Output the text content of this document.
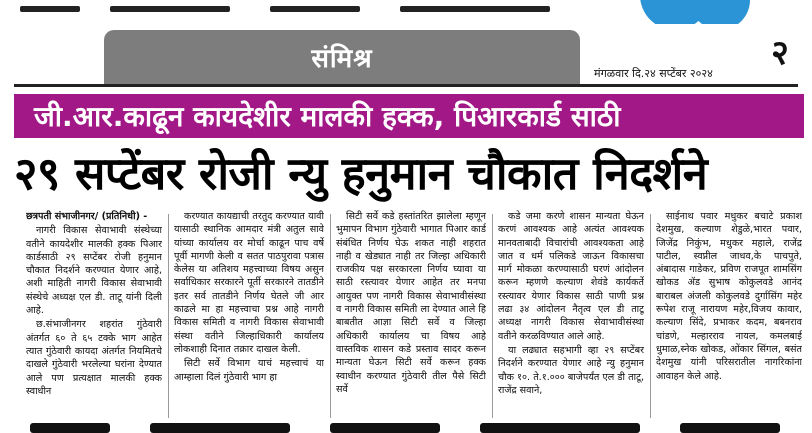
संमिश्र	मंगळवार दि.२४ सप्टेंबर २०२४
२
जी.आर.काढून कायदेशीर मालकी हक्क, पिआरकार्ड साठी
२९ सप्टेंबर रोजी न्यु हनुमान चौकात निदर्शने

छत्रपती संभाजीनगर/ (प्रतिनिधी) -

नागरी विकास सेवाभावी संस्थेच्या वतीने कायदेशीर मालकी हक्क पिआर कार्डसाठी २९ सप्टेंबर रोजी हनुमान चौकात निदर्शने करण्यात येणार आहे, अशी माहिती नागरी विकास सेवाभावी संस्थेचे अध्यक्ष एल डी. ताटू यांनी दिली आहे.

छ.संभाजीनगर शहरांत गुंठेवारी अंतर्गत ६० ते ६५ टक्के भाग आहेत त्यात गुंठेवारी कायदा अंतर्गत नियमितचे दाखले गुंठेवारी भरलेल्या घरांना देण्यात आले पण प्रत्यक्षात मालकी हक्क स्वाधीन

करण्यात कायद्याची तरतुद करण्यात यावी यासाठी स्थानिक आमदार मंत्री अतुल सावे यांच्या कार्यालय वर मोर्चा काढून पाच वर्षे पूर्वी मागणी केली व सतत पाठपुरावा पत्रास केलेस या अतिशय महत्त्वाच्या विषय असुन सर्वाधिकार सरकारने पूर्ती सरकारने तातडीने इतर सर्व तातडीने निर्णय घेतले जी आर काढले मा हा महत्त्वाचा प्रश्न आहे नागरी विकास समिती व नागरी विकास सेवाभावी संस्था वतीने जिल्हाधिकारी कार्यालय लोकशाही दिनात तक्रार दाखल केली.

सिटी सर्वे विभाग याचं महत्त्वाचं या आम्हाला दिलं गुंठेवारी भाग हा

सिटी सर्वे कडे हस्तांतरित झालेला म्हणून भुमापन विभाग गुंठेवारी भागात पिआर कार्ड संबंधित निर्णय घेऊ शकत नाही शहरात नाही व खेड्यात नाही तर जिल्हा अधिकारी राजकीय पक्ष सरकारला निर्णय घ्यावा या साठी रस्त्यावर येणार आहेत तर मनपा आयुक्त पण नागरी विकास सेवाभावीसंस्था व नागरी विकास समिती ला देण्यात आले हि बाबतीत आज्ञा सिटी सर्वे व जिल्हा अधिकारी कार्यालय चा विषय आहे वास्तविक शासन कडे प्रस्ताव सादर करून मान्यता घेऊन सिटी सर्वे करून हक्क स्वाधीन करण्यात गुंठेवारी तील पैसे सिटी सर्वे

कडे जमा करणे शासन मान्यता घेऊन करणं आवश्यक आहे अत्यंत आवश्यक मानवताबादी विचारांची आवश्यकता आहे जात व धर्म पलिकडे जाऊन विकासचा मार्ग मोकळा करण्यासाठी घरणं आंदोलन करून म्हणणे कल्याण शेवंडे कार्यकर्ते रस्त्यावर येणार विकास साठी पाणी प्रश्न लढा ३४ आंदोलन नैतृत्व एल डी ताटू अध्यक्ष नागरी विकास सेवाभावीसंस्था वतीने करळविण्यात आले आहे.

या लढ्यात सहभागी व्हा २९ सप्टेंबर निदर्शने करण्यात येणार आहे न्यु हनुमान चौक १०. ते.१.००० बाजेपर्यंत एल डी ताटू, राजेंद्र सवाने,

साईनाथ पवार मधुकर बचाटे प्रकाश देशमुख, कल्याण शेडुळे,भारत पवार, जिजेंद्र निकुंभ, मधुकर महाले, राजेंद्र पाटील, स्वप्नील जाधव,के पाचपुते, अंबादास गाडेकर, प्रविण राजपूत शामसिंग खोकड ॲड सुभाष कोकुलवडे आनंद बाराबल अंजली कोकुलवडे दुर्गासिंग महेर रूपेश राजू नारायण महेर,विजय कावार, कल्याण सिंदे, प्रभाकर कदम, बबनराव चांडणे, मल्हारराव नायल, कमलबाई धुमाळ,स्नेक खोकड, ओंकार सिंगल, बसंत देशमुख यांनी परिसरातील नागरिकांना आवाहन केले आहे.
